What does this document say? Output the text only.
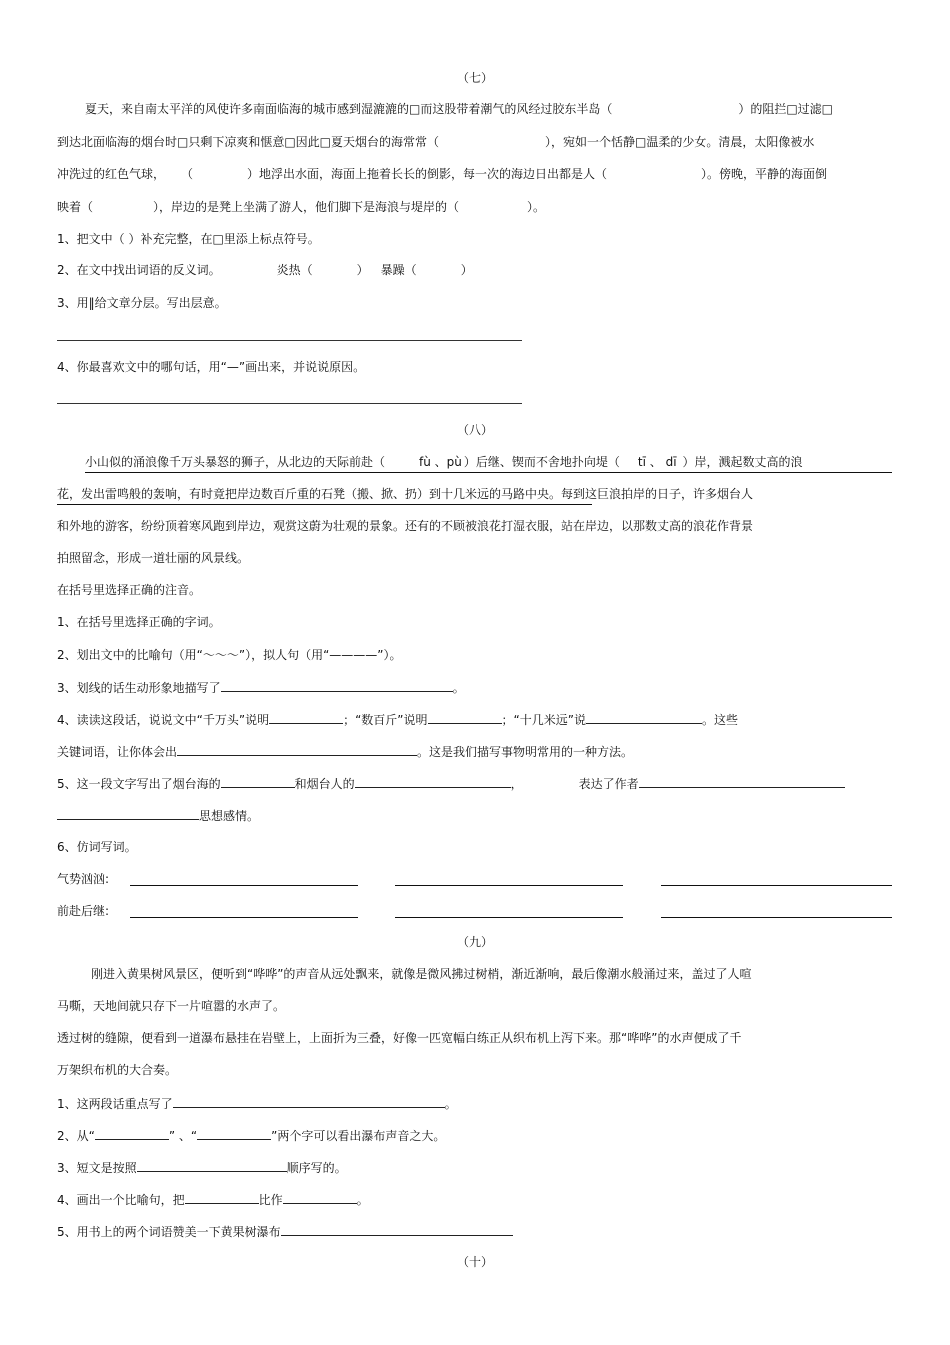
（七）
夏天，来自南太平洋的风使许多南面临海的城市感到湿漉漉的□而这股带着潮气的风经过胶东半岛（	）的阻拦□过滤□
到达北面临海的烟台时□只剩下凉爽和惬意□因此□夏天烟台的海常常（	），宛如一个恬静□温柔的少女。清晨，太阳像被水
冲洗过的红色气球， （	）地浮出水面，海面上拖着长长的倒影，每一次的海边日出都是人（	）。傍晚，平静的海面倒
映着（	），岸边的是凳上坐满了游人，他们脚下是海浪与堤岸的（	）。
1、把文中（ ）补充完整，在□里添上标点符号。
2、在文中找出词语的反义词。	炎热（	） 暴躁（	）
3、用‖给文章分层。写出层意。
4、你最喜欢文中的哪句话，用“—”画出来，并说说原因。
（八）
小山似的涌浪像千万头暴怒的狮子，从北边的天际前赴（	fù 、pù ）后继、锲而不舍地扑向堤（ tī 、 dī ）岸，溅起数丈高的浪
花，发出雷鸣般的轰响，有时竟把岸边数百斤重的石凳（搬、掀、扔）到十几米远的马路中央。每到这巨浪拍岸的日子，许多烟台人
和外地的游客，纷纷顶着寒风跑到岸边，观赏这蔚为壮观的景象。还有的不顾被浪花打湿衣服，站在岸边，以那数丈高的浪花作背景
拍照留念，形成一道壮丽的风景线。
在括号里选择正确的注音。
1、在括号里选择正确的字词。
2、划出文中的比喻句（用“～～～”），拟人句（用“————”）。
3、划线的话生动形象地描写了	。
4、读读这段话，说说文中“千万头”说明	；“数百斤”说明	；“十几米远”说	。这些
关键词语，让你体会出	。这是我们描写事物明常用的一种方法。
5、这一段文字写出了烟台海的	和烟台人的	，	表达了作者
思想感情。
6、仿词写词。
气势汹汹:
前赴后继:
（九）
刚进入黄果树风景区，便听到“哗哗”的声音从远处飘来，就像是微风拂过树梢，渐近渐响，最后像潮水般涌过来，盖过了人喧
马嘶，天地间就只存下一片喧嚣的水声了。
透过树的缝隙，便看到一道瀑布悬挂在岩壁上，上面折为三叠，好像一匹宽幅白练正从织布机上泻下来。那“哗哗”的水声便成了千
万架织布机的大合奏。
1、这两段话重点写了	。
2、从“	” 、“	”两个字可以看出瀑布声音之大。
3、短文是按照	顺序写的。
4、画出一个比喻句，把	比作	。
5、用书上的两个词语赞美一下黄果树瀑布
（十）
